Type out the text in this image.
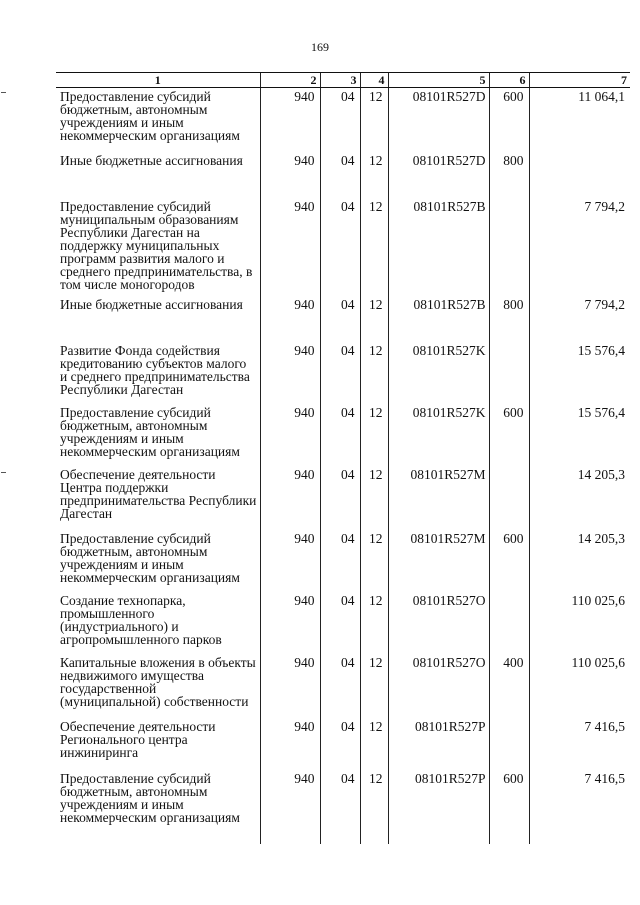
169
1	2	3	4	5	6	7
Предоставление субсидий бюджетным, автономным учреждениям и иным некоммерческим организациям	940	04	12	08101R527D	600	11 064,1
Иные бюджетные ассигнования	940	04	12	08101R527D	800	
Предоставление субсидий муниципальным образованиям Республики Дагестан на поддержку муниципальных программ развития малого и среднего предпринимательства, в том числе моногородов	940	04	12	08101R527B		7 794,2
Иные бюджетные ассигнования	940	04	12	08101R527B	800	7 794,2
Развитие Фонда содействия кредитованию субъектов малого и среднего предпринимательства Республики Дагестан	940	04	12	08101R527K		15 576,4
Предоставление субсидий бюджетным, автономным учреждениям и иным некоммерческим организациям	940	04	12	08101R527K	600	15 576,4
Обеспечение деятельности Центра поддержки предпринимательства Республики Дагестан	940	04	12	08101R527M		14 205,3
Предоставление субсидий бюджетным, автономным учреждениям и иным некоммерческим организациям	940	04	12	08101R527M	600	14 205,3
Создание технопарка, промышленного (индустриального) и агропромышленного парков	940	04	12	08101R527O		110 025,6
Капитальные вложения в объекты недвижимого имущества государственной (муниципальной) собственности	940	04	12	08101R527O	400	110 025,6
Обеспечение деятельности Регионального центра инжиниринга	940	04	12	08101R527P		7 416,5
Предоставление субсидий бюджетным, автономным учреждениям и иным некоммерческим организациям	940	04	12	08101R527P	600	7 416,5
